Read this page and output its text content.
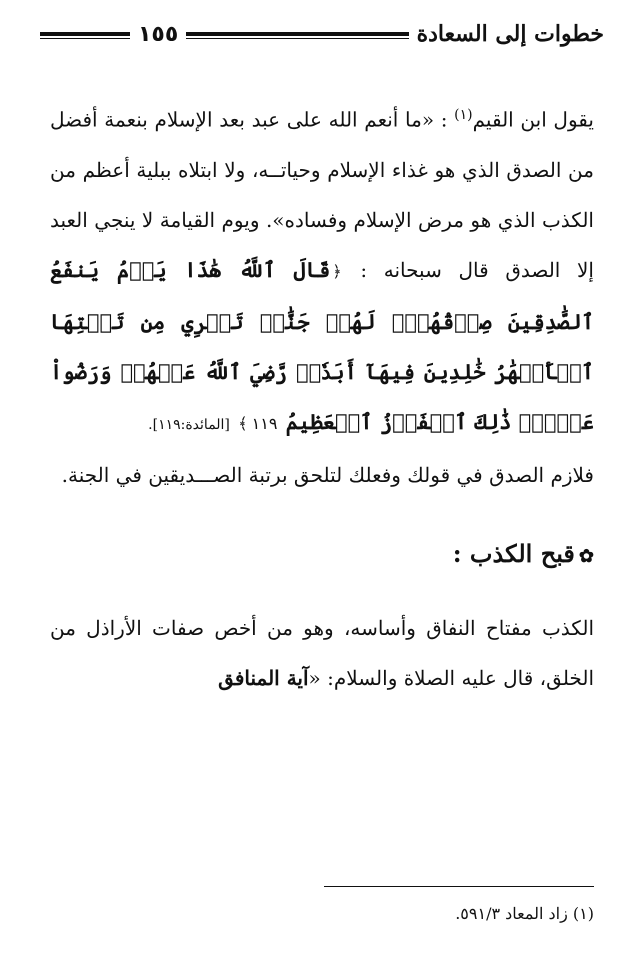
خطوات إلى السعادة
١٥٥

يقول ابن القيم$^{(١)}$ : «ما أنعم الله على عبد بعد الإسلام بنعمة أفضل من الصدق الذي هو غذاء الإسلام وحياتــه، ولا ابتلاه ببلية أعظم من الكذب الذي هو مرض الإسلام وفساده». ويوم القيامة لا ينجي العبد إلا الصدق قال سبحانه : ﴿قَالَ ٱللَّهُ هَٰذَا يَوۡمُ يَنفَعُ ٱلصَّٰدِقِينَ صِدۡقُهُمۡۚ لَهُمۡ جَنَّٰتٞ تَجۡرِي مِن تَحۡتِهَا ٱلۡأَنۡهَٰرُ خَٰلِدِينَ فِيهَآ أَبَدٗاۖ رَّضِيَ ٱللَّهُ عَنۡهُمۡ وَرَضُواْ عَنۡهُۚ ذَٰلِكَ ٱلۡفَوۡزُ ٱلۡعَظِيمُ ١١٩﴾ [المائدة:١١٩].

فلازم الصدق في قولك وفعلك لتلحق برتبة الصـــديقين في الجنة.

✿قبح الكذب :

الكذب مفتاح النفاق وأساسه، وهو من أخص صفات الأراذل من الخلق، قال عليه الصلاة والسلام: «آية المنافق

(١) زاد المعاد ٥٩١/٣.
